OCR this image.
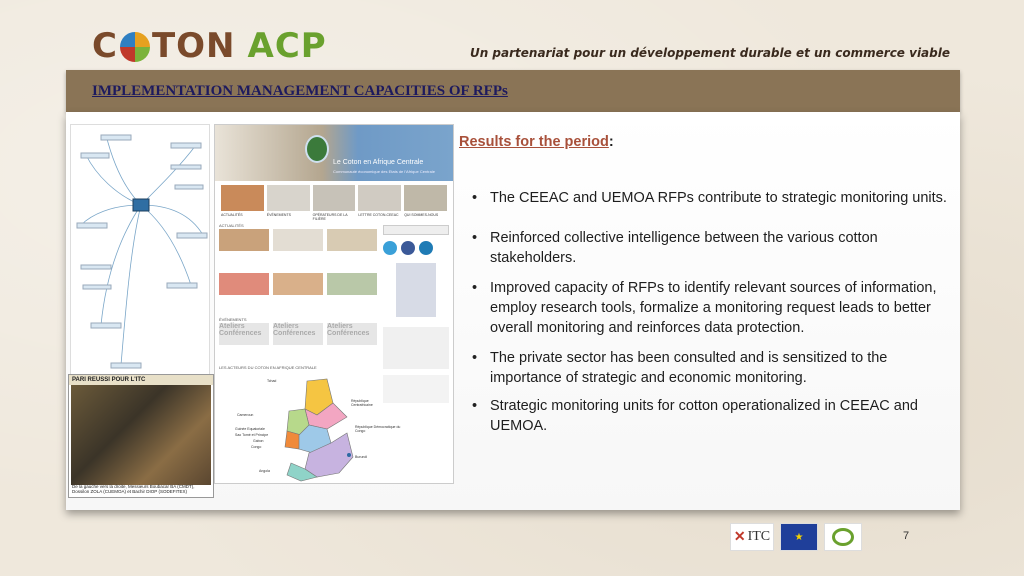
C TON ACP	Un partenariat pour un développement durable et un commerce viable
IMPLEMENTATION MANAGEMENT CAPACITIES OF RFPs
Le Coton en Afrique Centrale
Communauté économique des Etats de l'Afrique Centrale
ACTUALITÉS	ÉVÉNEMENTS	OPÉRATEURS DE LA FILIÈRE
LETTRE COTON-CEEAC	QUI SOMMES-NOUS
ACTUALITÉS
ÉVÉNEMENTS
Ateliers Conférences
Ateliers Conférences
Ateliers Conférences
LES ACTEURS DU COTON EN AFRIQUE CENTRALE
Tchad
République Centrafricaine
Cameroun
Guinée Equatoriale
Gabon
Congo
République Démocratique du Congo
Burundi
Angola
Sao Tomé et Principe
PARI REUSSI POUR L'ITC
De la gauche vers la droite, Messieurs Boubacar BA (CMDT), Dossilon ZOLA (CUEMOA) et Bachir DIOP (SODEFITEX)
Results for the period:
• The CEEAC and UEMOA RFPs contribute to strategic monitoring units.
• Reinforced collective intelligence between the various cotton stakeholders.
• Improved capacity of RFPs to identify relevant sources of information, employ research tools, formalize a monitoring request leads to better overall monitoring and reinforces data protection.
• The private sector has been consulted and is sensitized to the importance of strategic and economic monitoring.
• Strategic monitoring units for cotton operationalized in CEEAC and UEMOA.
✕ ITC	★	7
